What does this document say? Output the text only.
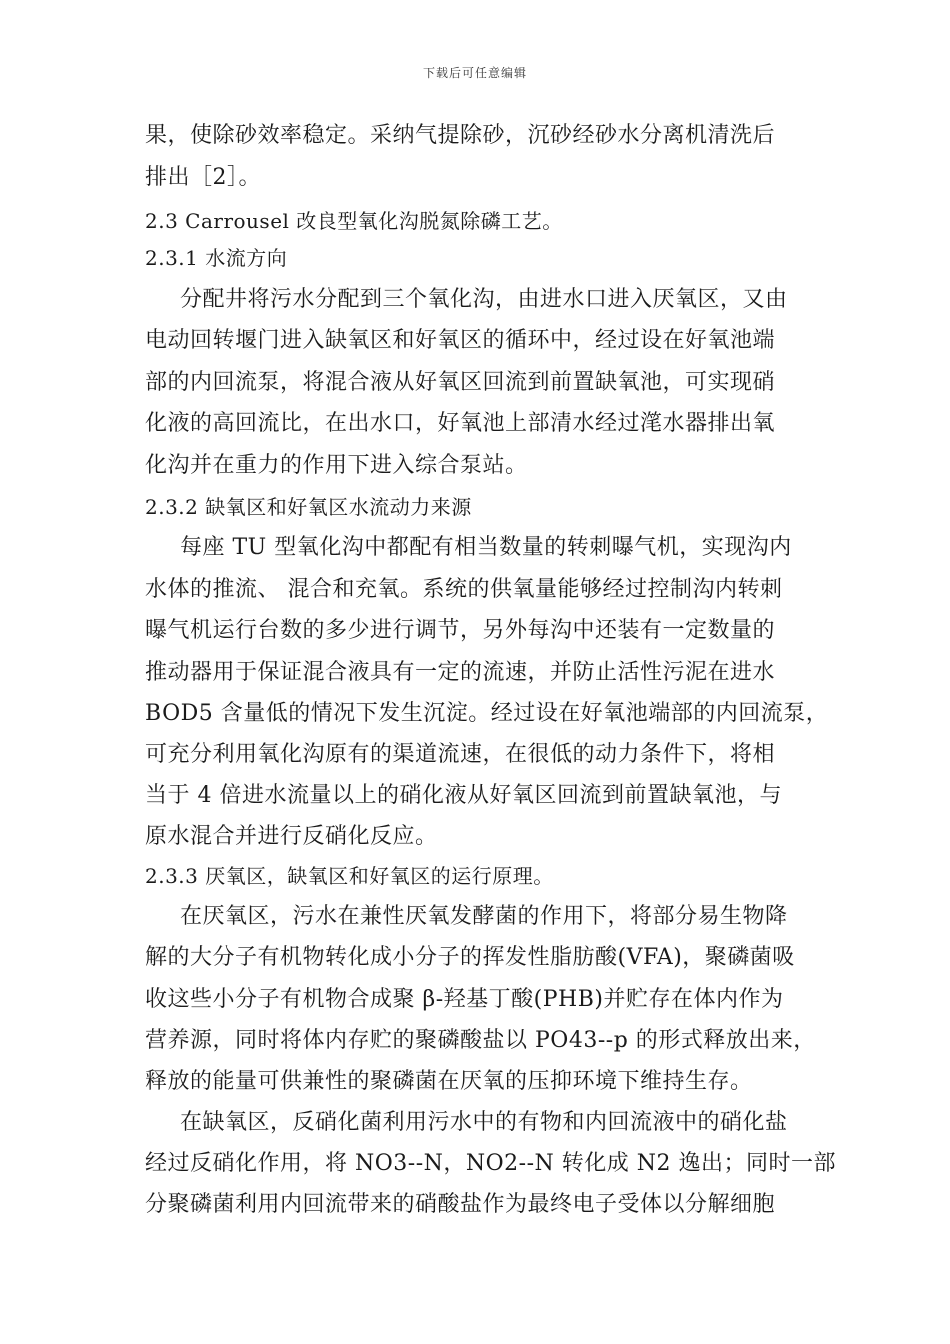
下载后可任意编辑
果，使除砂效率稳定。采纳气提除砂，沉砂经砂水分离机清洗后
排出［2］。
2.3 Carrousel 改良型氧化沟脱氮除磷工艺。
2.3.1 水流方向
分配井将污水分配到三个氧化沟，由进水口进入厌氧区，又由
电动回转堰门进入缺氧区和好氧区的循环中，经过设在好氧池端
部的内回流泵，将混合液从好氧区回流到前置缺氧池，可实现硝
化液的高回流比，在出水口，好氧池上部清水经过滗水器排出氧
化沟并在重力的作用下进入综合泵站。
2.3.2 缺氧区和好氧区水流动力来源
每座 TU 型氧化沟中都配有相当数量的转刺曝气机，实现沟内
水体的推流、 混合和充氧。系统的供氧量能够经过控制沟内转刺
曝气机运行台数的多少进行调节，另外每沟中还装有一定数量的
推动器用于保证混合液具有一定的流速，并防止活性污泥在进水
BOD5 含量低的情况下发生沉淀。经过设在好氧池端部的内回流泵，
可充分利用氧化沟原有的渠道流速，在很低的动力条件下，将相
当于 4 倍进水流量以上的硝化液从好氧区回流到前置缺氧池，与
原水混合并进行反硝化反应。
2.3.3 厌氧区，缺氧区和好氧区的运行原理。
在厌氧区，污水在兼性厌氧发酵菌的作用下，将部分易生物降
解的大分子有机物转化成小分子的挥发性脂肪酸(VFA)，聚磷菌吸
收这些小分子有机物合成聚 β-羟基丁酸(PHB)并贮存在体内作为
营养源，同时将体内存贮的聚磷酸盐以 PO43--p 的形式释放出来，
释放的能量可供兼性的聚磷菌在厌氧的压抑环境下维持生存。
在缺氧区，反硝化菌利用污水中的有物和内回流液中的硝化盐
经过反硝化作用，将 NO3--N，NO2--N 转化成 N2 逸出；同时一部
分聚磷菌利用内回流带来的硝酸盐作为最终电子受体以分解细胞
